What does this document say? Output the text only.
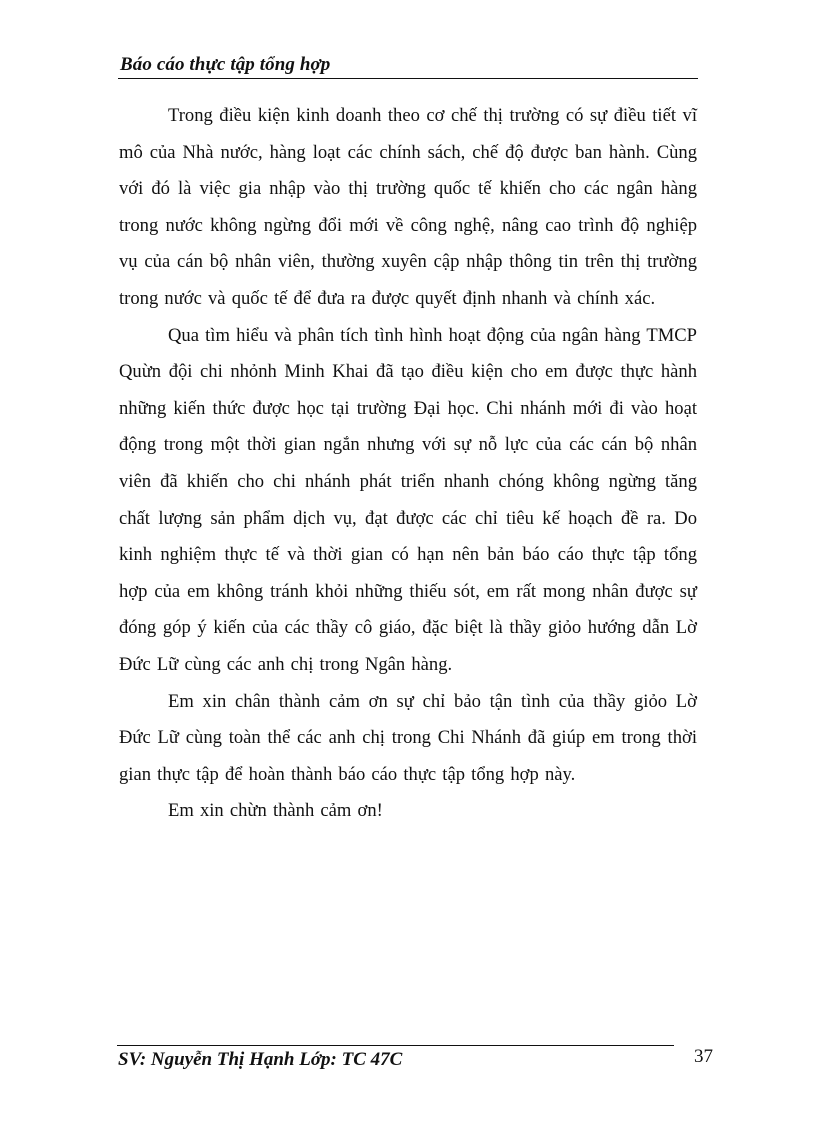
Báo cáo thực tập tổng hợp

Trong điều kiện kinh doanh theo cơ chế thị trường có sự điều tiết vĩ mô của Nhà nước, hàng loạt các chính sách, chế độ được ban hành. Cùng với đó là việc gia nhập vào thị trường quốc tế khiến cho các ngân hàng trong nước không ngừng đổi mới về công nghệ, nâng cao trình độ nghiệp vụ của cán bộ nhân viên, thường xuyên cập nhập thông tin trên thị trường trong nước và quốc tế để đưa ra được quyết định nhanh và chính xác.

Qua tìm hiểu và phân tích tình hình hoạt động của ngân hàng TMCP Quừn đội chi nhỏnh Minh Khai đã tạo điều kiện cho em được thực hành những kiến thức được học tại trường Đại học. Chi nhánh mới đi vào hoạt động trong một thời gian ngắn nhưng với sự nỗ lực của các cán bộ nhân viên đã khiến cho chi nhánh phát triển nhanh chóng không ngừng tăng chất lượng sản phẩm dịch vụ, đạt được các chỉ tiêu kế hoạch đề ra. Do kinh nghiệm thực tế và thời gian có hạn nên bản báo cáo thực tập tổng hợp của em không tránh khỏi những thiếu sót, em rất mong nhân được sự đóng góp ý kiến của các thầy cô giáo, đặc biệt là thầy giỏo hướng dẫn Lờ Đức Lữ cùng các anh chị trong Ngân hàng.

Em xin chân thành cảm ơn sự chỉ bảo tận tình của thầy giỏo Lờ Đức Lữ cùng toàn thể các anh chị trong Chi Nhánh đã giúp em trong thời gian thực tập để hoàn thành báo cáo thực tập tổng hợp này.

Em xin chừn thành cảm ơn!

SV: Nguyễn Thị Hạnh Lớp: TC 47C	37
